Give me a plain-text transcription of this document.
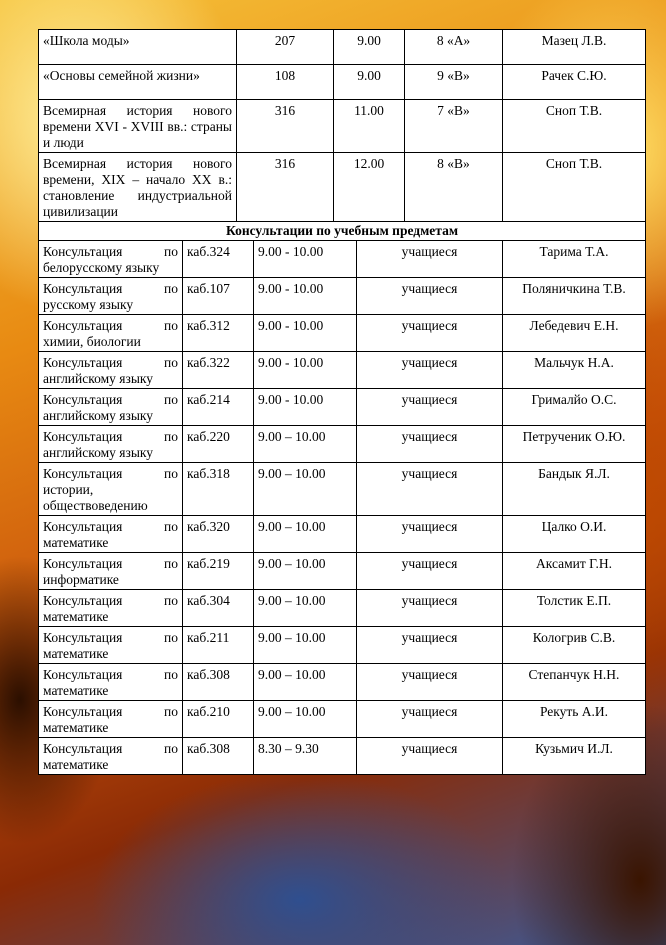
«Школа моды»	207	9.00	8 «А»	Мазец Л.В.
«Основы семейной жизни»	108	9.00	9 «В»	Рачек С.Ю.
Всемирная история нового времени XVI - XVIII вв.: страны и люди	316	11.00	7 «В»	Сноп Т.В.
Всемирная история нового времени, XIX – начало XX в.: становление индустриальной цивилизации	316	12.00	8 «В»	Сноп Т.В.
Консультации по учебным предметам				
Консультация по белорусскому языку	каб.324	9.00 - 10.00	учащиеся	Тарима Т.А.
Консультация по русскому языку	каб.107	9.00 - 10.00	учащиеся	Поляничкина Т.В.
Консультация по химии, биологии	каб.312	9.00 - 10.00	учащиеся	Лебедевич Е.Н.
Консультация по английскому языку	каб.322	9.00 - 10.00	учащиеся	Мальчук Н.А.
Консультация по английскому языку	каб.214	9.00 - 10.00	учащиеся	Грималйо О.С.
Консультация по английскому языку	каб.220	9.00 – 10.00	учащиеся	Петрученик О.Ю.
Консультация по истории, обществоведению	каб.318	9.00 – 10.00	учащиеся	Бандык Я.Л.
Консультация по математике	каб.320	9.00 – 10.00	учащиеся	Цалко О.И.
Консультация по информатике	каб.219	9.00 – 10.00	учащиеся	Аксамит Г.Н.
Консультация по математике	каб.304	9.00 – 10.00	учащиеся	Толстик Е.П.
Консультация по математике	каб.211	9.00 – 10.00	учащиеся	Кологрив С.В.
Консультация по математике	каб.308	9.00 – 10.00	учащиеся	Степанчук Н.Н.
Консультация по математике	каб.210	9.00 – 10.00	учащиеся	Рекуть А.И.
Консультация по математике	каб.308	8.30 – 9.30	учащиеся	Кузьмич И.Л.
